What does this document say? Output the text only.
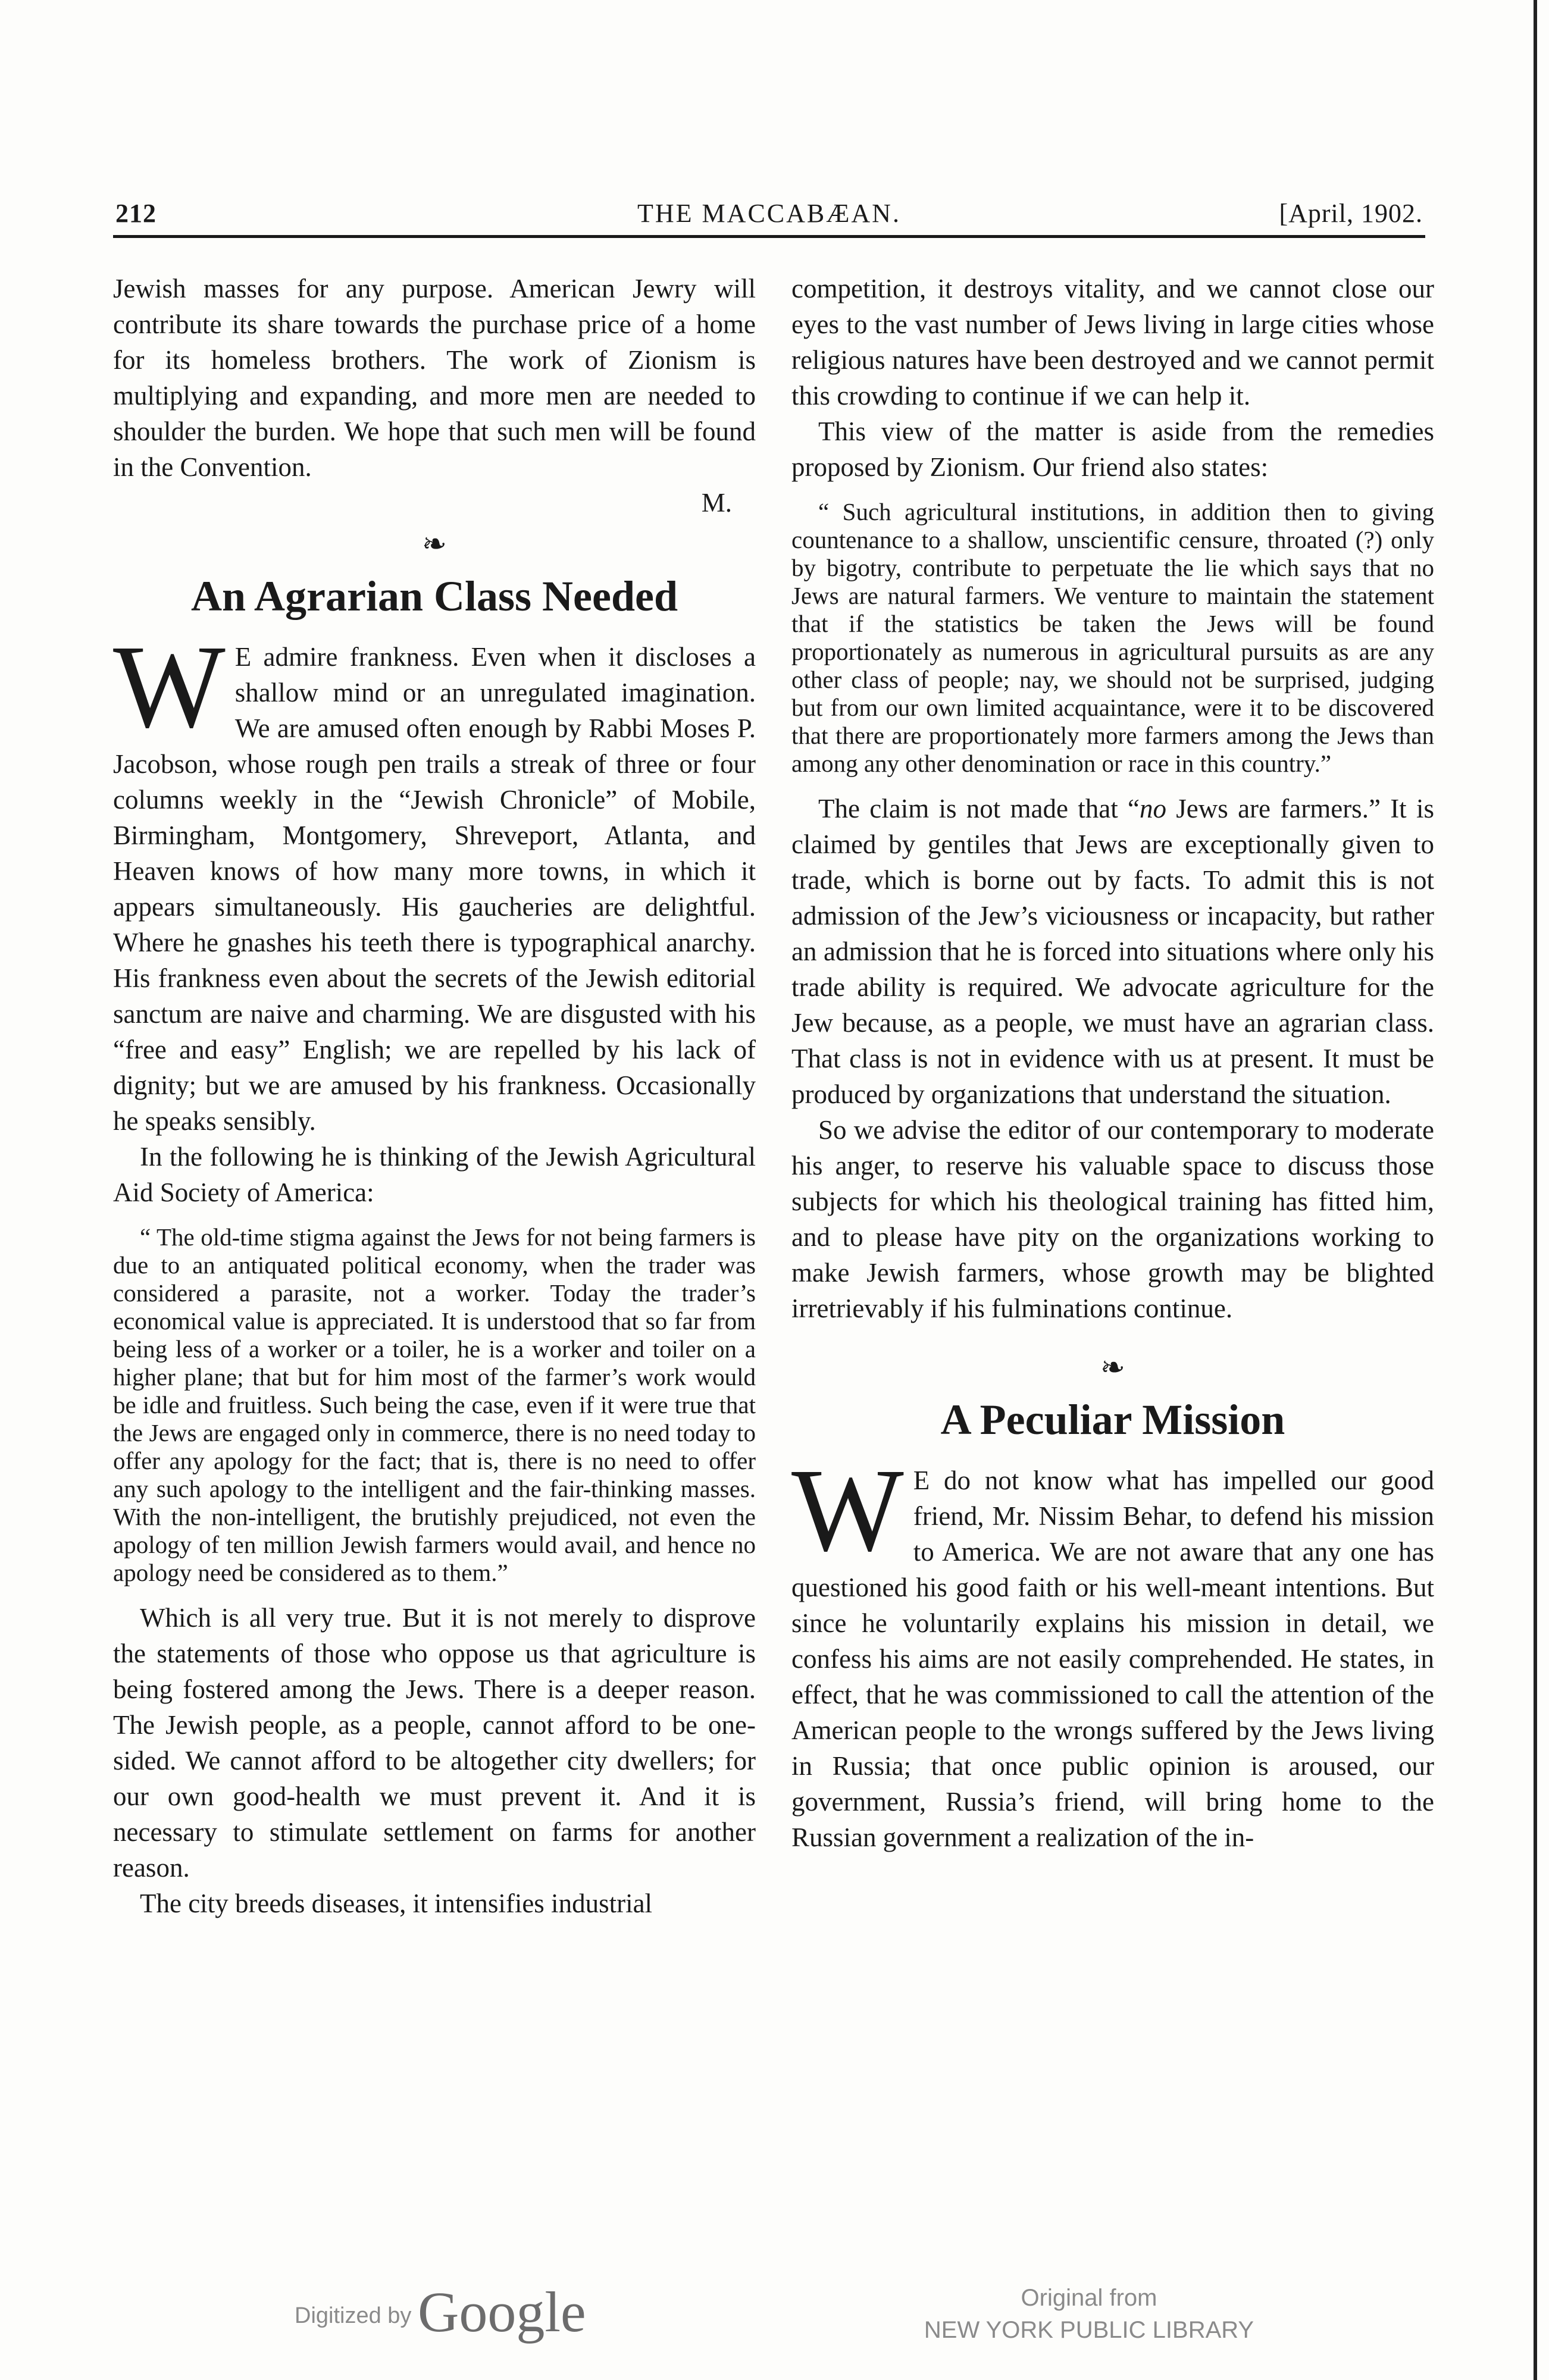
212	THE MACCABÆAN.	[April, 1902.

Jewish masses for any purpose. American Jewry will contribute its share towards the purchase price of a home for its homeless brothers. The work of Zionism is multiplying and expanding, and more men are needed to shoulder the burden. We hope that such men will be found in the Convention.

M.

❧
An Agrarian Class Needed

W E admire frankness. Even when it discloses a shallow mind or an unregulated imagination. We are amused often enough by Rabbi Moses P. Jacobson, whose rough pen trails a streak of three or four columns weekly in the “Jewish Chronicle” of Mobile, Birmingham, Montgomery, Shreveport, Atlanta, and Heaven knows of how many more towns, in which it appears simultaneously. His gaucheries are delightful. Where he gnashes his teeth there is typographical anarchy. His frankness even about the secrets of the Jewish editorial sanctum are naive and charming. We are disgusted with his “free and easy” English; we are repelled by his lack of dignity; but we are amused by his frankness. Occasionally he speaks sensibly.

In the following he is thinking of the Jewish Agricultural Aid Society of America:

“ The old-time stigma against the Jews for not being farmers is due to an antiquated political economy, when the trader was considered a parasite, not a worker. Today the trader’s economical value is appreciated. It is understood that so far from being less of a worker or a toiler, he is a worker and toiler on a higher plane; that but for him most of the farmer’s work would be idle and fruitless. Such being the case, even if it were true that the Jews are engaged only in commerce, there is no need today to offer any apology for the fact; that is, there is no need to offer any such apology to the intelligent and the fair-thinking masses. With the non-intelligent, the brutishly prejudiced, not even the apology of ten million Jewish farmers would avail, and hence no apology need be considered as to them.”

Which is all very true. But it is not merely to disprove the statements of those who oppose us that agriculture is being fostered among the Jews. There is a deeper reason. The Jewish people, as a people, cannot afford to be one-sided. We cannot afford to be altogether city dwellers; for our own good-health we must prevent it. And it is necessary to stimulate settlement on farms for another reason.

The city breeds diseases, it intensifies industrial

competition, it destroys vitality, and we cannot close our eyes to the vast number of Jews living in large cities whose religious natures have been destroyed and we cannot permit this crowding to continue if we can help it.

This view of the matter is aside from the remedies proposed by Zionism. Our friend also states:

“ Such agricultural institutions, in addition then to giving countenance to a shallow, unscientific censure, throated (?) only by bigotry, contribute to perpetuate the lie which says that no Jews are natural farmers. We venture to maintain the statement that if the statistics be taken the Jews will be found proportionately as numerous in agricultural pursuits as are any other class of people; nay, we should not be surprised, judging but from our own limited acquaintance, were it to be discovered that there are proportionately more farmers among the Jews than among any other denomination or race in this country.”

The claim is not made that “no Jews are farmers.” It is claimed by gentiles that Jews are exceptionally given to trade, which is borne out by facts. To admit this is not admission of the Jew’s viciousness or incapacity, but rather an admission that he is forced into situations where only his trade ability is required. We advocate agriculture for the Jew because, as a people, we must have an agrarian class. That class is not in evidence with us at present. It must be produced by organizations that understand the situation.

So we advise the editor of our contemporary to moderate his anger, to reserve his valuable space to discuss those subjects for which his theological training has fitted him, and to please have pity on the organizations working to make Jewish farmers, whose growth may be blighted irretrievably if his fulminations continue.

❧
A Peculiar Mission

W E do not know what has impelled our good friend, Mr. Nissim Behar, to defend his mission to America. We are not aware that any one has questioned his good faith or his well-meant intentions. But since he voluntarily explains his mission in detail, we confess his aims are not easily comprehended. He states, in effect, that he was commissioned to call the attention of the American people to the wrongs suffered by the Jews living in Russia; that once public opinion is aroused, our government, Russia’s friend, will bring home to the Russian government a realization of the in-

Digitized by Google	Original from
NEW YORK PUBLIC LIBRARY
